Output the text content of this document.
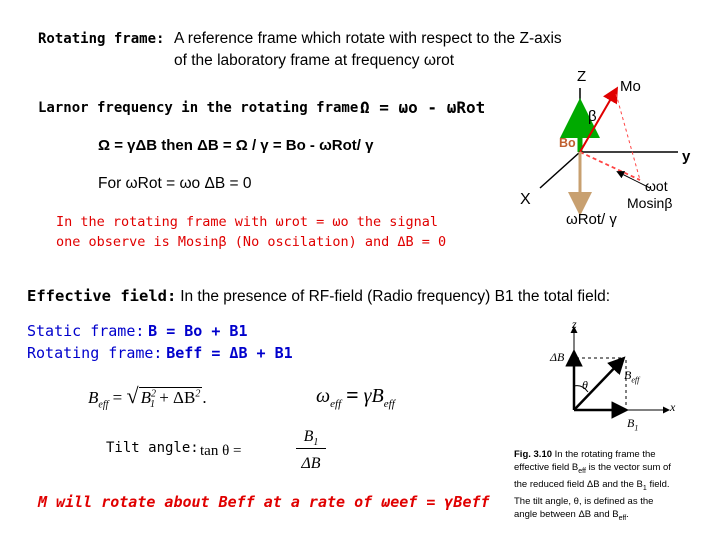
Rotating frame: A reference frame which rotate with respect to the Z-axis
of the laboratory frame at frequency ωrot
Larnor frequency in the rotating frame:
Ω = ωo - ωRot
Ω = γΔB then ΔB = Ω / γ = Bo - ωRot/ γ
For ωRot = ωo ΔB = 0
In the rotating frame with ωrot = ωo the signal
one observe is Mosinβ (No oscilation) and ΔB = 0
Z
Mo
β
Bo
y
X
ωot
Mosinβ
ωRot/ γ
Effective field: In the presence of RF-field (Radio frequency) B1 the total field:
Static frame: B = Bo + B1
Rotating frame: Beff = ΔB + B1
$B_{eff}$ = √ $B^2_1 + \Delta B^2$ .	$\omega_{eff} = \gamma B_{eff}$
Tilt angle: tan θ =
$B_1$
ΔB
M will rotate about Beff at a rate of ωeef = γBeff
z
ΔB
θ
$B_{eff}$
x
$B_1$
Fig. 3.10 In the rotating frame the
effective field $B_{eff}$ is the vector sum of
the reduced field ΔB and the $B_1$ field.
The tilt angle, θ, is defined as the
angle between ΔB and $B_{eff}$.
